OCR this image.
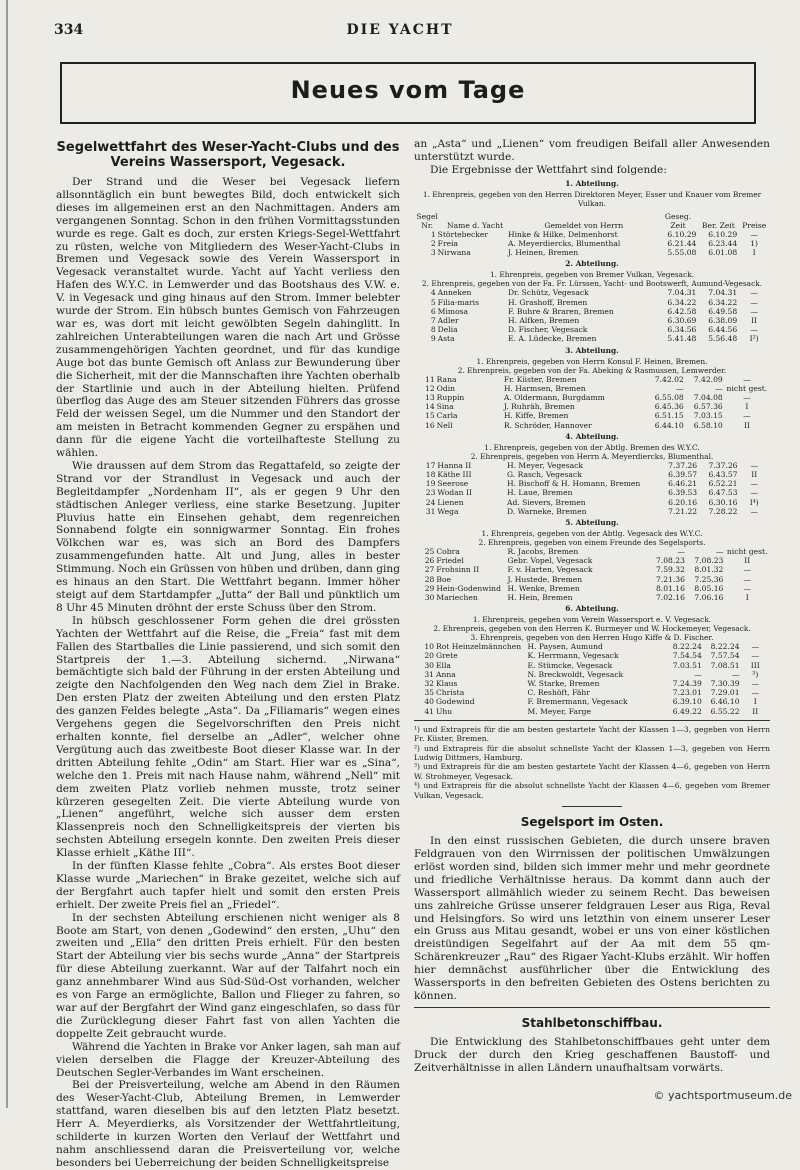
334	DIE YACHT
Neues vom Tage
Segelwettfahrt des Weser-Yacht-Clubs und des Vereins Wassersport, Vegesack.

Der Strand und die Weser bei Vegesack liefern allsonntäglich ein bunt bewegtes Bild, doch entwickelt sich dieses im allgemeinen erst an den Nachmittagen. Anders am vergangenen Sonntag. Schon in den frühen Vormittagsstunden wurde es rege. Galt es doch, zur ersten Kriegs-Segel-Wettfahrt zu rüsten, welche von Mitgliedern des Weser-Yacht-Clubs in Bremen und Vegesack sowie des Verein Wassersport in Vegesack veranstaltet wurde. Yacht auf Yacht verliess den Hafen des W.Y.C. in Lemwerder und das Bootshaus des V.W. e. V. in Vegesack und ging hinaus auf den Strom. Immer belebter wurde der Strom. Ein hübsch buntes Gemisch von Fahrzeugen war es, was dort mit leicht gewölbten Segeln dahinglitt. In zahlreichen Unterabteilungen waren die nach Art und Grösse zusammengehörigen Yachten geordnet, und für das kundige Auge bot das bunte Gemisch oft Anlass zur Bewunderung über die Sicherheit, mit der die Mannschaften ihre Yachten oberhalb der Startlinie und auch in der Abteilung hielten. Prüfend überflog das Auge des am Steuer sitzenden Führers das grosse Feld der weissen Segel, um die Nummer und den Standort der am meisten in Betracht kommenden Gegner zu erspähen und dann für die eigene Yacht die vorteilhafteste Stellung zu wählen.

Wie draussen auf dem Strom das Regattafeld, so zeigte der Strand vor der Strandlust in Vegesack und auch der Begleitdampfer „Nordenham II“, als er gegen 9 Uhr den städtischen Anleger verliess, eine starke Besetzung. Jupiter Pluvius hatte ein Einsehen gehabt, dem regenreichen Sonnabend folgte ein sonnigwarmer Sonntag. Ein frohes Völkchen war es, was sich an Bord des Dampfers zusammengefunden hatte. Alt und Jung, alles in bester Stimmung. Noch ein Grüssen von hüben und drüben, dann ging es hinaus an den Start. Die Wettfahrt begann. Immer höher steigt auf dem Startdampfer „Jutta“ der Ball und pünktlich um 8 Uhr 45 Minuten dröhnt der erste Schuss über den Strom.

In hübsch geschlossener Form gehen die drei grössten Yachten der Wettfahrt auf die Reise, die „Freia“ fast mit dem Fallen des Startballes die Linie passierend, und sich somit den Startpreis der 1.—3. Abteilung sichernd. „Nirwana“ bemächtigte sich bald der Führung in der ersten Abteilung und zeigte den Nachfolgenden den Weg nach dem Ziel in Brake. Den ersten Platz der zweiten Abteilung und den ersten Platz des ganzen Feldes belegte „Asta“. Da „Filiamaris“ wegen eines Vergehens gegen die Segelvorschriften den Preis nicht erhalten konnte, fiel derselbe an „Adler“, welcher ohne Vergütung auch das zweitbeste Boot dieser Klasse war. In der dritten Abteilung fehlte „Odin“ am Start. Hier war es „Sina“, welche den 1. Preis mit nach Hause nahm, während „Nell“ mit dem zweiten Platz vorlieb nehmen musste, trotz seiner kürzeren gesegelten Zeit. Die vierte Abteilung wurde von „Lienen“ angeführt, welche sich ausser dem ersten Klassenpreis noch den Schnelligkeitspreis der vierten bis sechsten Abteilung ersegeln konnte. Den zweiten Preis dieser Klasse erhielt „Käthe III“.

In der fünften Klasse fehlte „Cobra“. Als erstes Boot dieser Klasse wurde „Mariechen“ in Brake gezeitet, welche sich auf der Bergfahrt auch tapfer hielt und somit den ersten Preis erhielt. Der zweite Preis fiel an „Friedel“.

In der sechsten Abteilung erschienen nicht weniger als 8 Boote am Start, von denen „Godewind“ den ersten, „Uhu“ den zweiten und „Ella“ den dritten Preis erhielt. Für den besten Start der Abteilung vier bis sechs wurde „Anna“ der Startpreis für diese Abteilung zuerkannt. War auf der Talfahrt noch ein ganz annehmbarer Wind aus Süd-Süd-Ost vorhanden, welcher es von Farge an ermöglichte, Ballon und Flieger zu fahren, so war auf der Bergfahrt der Wind ganz eingeschlafen, so dass für die Zurücklegung dieser Fahrt fast von allen Yachten die doppelte Zeit gebraucht wurde.

Während die Yachten in Brake vor Anker lagen, sah man auf vielen derselben die Flagge der Kreuzer-Abteilung des Deutschen Segler-Verbandes im Want erscheinen.

Bei der Preisverteilung, welche am Abend in den Räumen des Weser-Yacht-Club, Abteilung Bremen, in Lemwerder stattfand, waren dieselben bis auf den letzten Platz besetzt. Herr A. Meyerdierks, als Vorsitzender der Wettfahrtleitung, schilderte in kurzen Worten den Verlauf der Wettfahrt und nahm anschliessend daran die Preisverteilung vor, welche besonders bei Ueberreichung der beiden Schnelligkeitspreise

an „Asta“ und „Lienen“ vom freudigen Beifall aller Anwesenden unterstützt wurde.

Die Ergebnisse der Wettfahrt sind folgende:

1. Abteilung.
1. Ehrenpreis, gegeben von den Herren Direktoren Meyer, Esser und Knauer vom Bremer Vulkan.
Segel Nr.	Name d. Yacht	Gemeldet von Herrn	Geseg. Zeit	Ber. Zeit	Preise
1	Störtebecker	Hinke & Hilke, Delmenhorst	6.10.29	6.10.29	—
2	Freia	A. Meyerdiercks, Blumenthal	6.21.44	6.23.44	1)
3	Nirwana	J. Heinen, Bremen	5.55.08	6.01.08	I
2. Abteilung.
1. Ehrenpreis, gegeben von Bremer Vulkan, Vegesack.
2. Ehrenpreis, gegeben von der Fa. Fr. Lürssen, Yacht- und Bootswerft, Aumund-Vegesack.
4	Anneken	Dr. Schütz, Vegesack	7.04.31	7.04.31	—
5	Filia-maris	H. Grashoff, Bremen	6.34.22	6.34.22	—
6	Mimosa	F. Buhre & Braren, Bremen	6.42.58	6.49.58	—
7	Adler	H. Alfken, Bremen	6.30.69	6.38.09	II
8	Delia	D. Fischer, Vegesack	6.34.56	6.44.56	—
9	Asta	E. A. Lüdecke, Bremen	5.41.48	5.56.48	I²)
3. Abteilung.
1. Ehrenpreis, gegeben von Herrn Konsul F. Heinen, Bremen.
2. Ehrenpreis, gegeben von der Fa. Abeking & Rasmussen, Lemwerder.
11	Rana	Fr. Küster, Bremen	7.42.02	7.42.09	—
12	Odin	H. Harmsen, Bremen	—	—	nicht gest.
13	Ruppin	A. Oldermann, Burgdamm	6.55.08	7.04.08	—
14	Sina	J. Ruhräh, Bremen	6.45.36	6.57.36	I
15	Carla	H. Kiffe, Bremen	6.51.15	7.03.15	—
16	Nell	R. Schröder, Hannover	6.44.10	6.58.10	II
4. Abteilung.
1. Ehrenpreis, gegeben von der Abtlg. Bremen des W.Y.C.
2. Ehrenpreis, gegeben von Herrn A. Meyerdiercks, Blumenthal.
17	Hanna II	H. Meyer, Vegesack	7.37.26	7.37.26	—
18	Käthe III	G. Rasch, Vegesack	6.39.57	6.43.57	II
19	Seerose	H. Bischoff & H. Homann, Bremen	6.46.21	6.52.21	—
23	Wodan II	H. Laue, Bremen	6.39.53	6.47.53	—
24	Lienen	Ad. Sievers, Bremen	6.20.16	6.30.16	I⁴)
31	Wega	D. Warneke, Bremen	7.21.22	7.28.22	—
5. Abteilung.
1. Ehrenpreis, gegeben von der Abtlg. Vegesack des W.Y.C.
2. Ehrenpreis, gegeben von einem Freunde des Segelsports.
25	Cobra	R. Jacobs, Bremen	—	—	nicht gest.
26	Friedel	Gebr. Vopel, Vegesack	7.08.23	7.08.23	II
27	Frohsinn II	F. v. Harten, Vegesack	7.59.32	8.01.32	—
28	Boe	J. Hustede, Bremen	7.21.36	7.25.36	—
29	Hein-Godenwind	H. Wenke, Bremen	8.01.16	8.05.16	—
30	Mariechen	H. Hein, Bremen	7.02.16	7.06.16	I
6. Abteilung.
1. Ehrenpreis, gegeben vom Verein Wassersport e. V. Vegesack.
2. Ehrenpreis, gegeben von den Herren K. Burmeyer und W. Hockemeyer, Vegesack.
3. Ehrenpreis, gegeben von den Herren Hugo Kiffe & D. Fischer.
10	Rot Heinzelmännchen	H. Paysen, Aumund	8.22.24	8.22.24	—
20	Grete	K. Herrmann, Vegesack	7.54.54	7.57.54	—
30	Ella	E. Stümcke, Vegesack	7.03.51	7.08.51	III
31	Anna	N. Breckwoldt, Vegesack	—	—	³)
32	Klaus	W. Starke, Bremen	7.24.39	7.30.39	—
35	Christa	C. Reshöft, Fähr	7.23.01	7.29.01	—
40	Godewind	F. Bremermann, Vegesack	6.39.10	6.46.10	I
41	Uhu	M. Meyer, Farge	6.49.22	6.55.22	II
¹) und Extrapreis für die am besten gestartete Yacht der Klassen 1—3, gegeben von Herrn Fr. Küster, Bremen.
²) und Extrapreis für die absolut schnellste Yacht der Klassen 1—3, gegeben von Herrn Ludwig Dittmers, Hamburg.
³) und Extrapreis für die am besten gestartete Yacht der Klassen 4—6, gegeben von Herrn W. Strohmeyer, Vegesack.
⁴) und Extrapreis für die absolut schnellste Yacht der Klassen 4—6, gegeben vom Bremer Vulkan, Vegesack.
Segelsport im Osten.

In den einst russischen Gebieten, die durch unsere braven Feldgrauen von den Wirrnissen der politischen Umwälzungen erlöst worden sind, bilden sich immer mehr und mehr geordnete und friedliche Verhältnisse heraus. Da kommt dann auch der Wassersport allmählich wieder zu seinem Recht. Das beweisen uns zahlreiche Grüsse unserer feldgrauen Leser aus Riga, Reval und Helsingfors. So wird uns letzthin von einem unserer Leser ein Gruss aus Mitau gesandt, wobei er uns von einer köstlichen dreistündigen Segelfahrt auf der Aa mit dem 55 qm-Schärenkreuzer „Rau“ des Rigaer Yacht-Klubs erzählt. Wir hoffen hier demnächst ausführlicher über die Entwicklung des Wassersports in den befreiten Gebieten des Ostens berichten zu können.

Stahlbetonschiffbau.

Die Entwicklung des Stahlbetonschiffbaues geht unter dem Druck der durch den Krieg geschaffenen Baustoff- und Zeitverhältnisse in allen Ländern unaufhaltsam vorwärts.

© yachtsportmuseum.de
